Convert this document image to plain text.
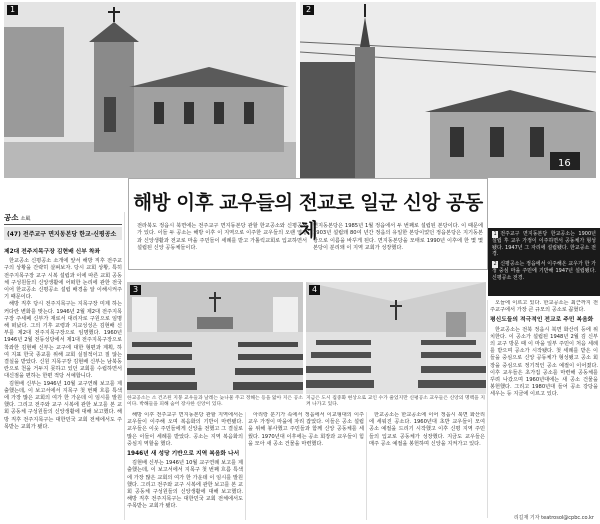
1
16
2
해방 이후 교우들의 전교로 일군 신앙 공동체
전라북도 정읍시 북면에는 전주교구 면지동본당 관할 한교공소와 신평공소가 있다. 이들 두 공소는 해방 이후 이 지역으로 이주한 교우들의 오랜 열정과 신앙생활과 전교로 마을 주민들이 세례를 받고 가톨릭교회로 입교하면서 설립된 신앙 공동체들이다.
면지동본당은 1985년 1월 정읍에서 두 번째로 설립된 본당이다. 이 때문에 1903년 설립돼 80여 년간 정읍의 유일한 본당이었던 정읍본당은 지기동본당으로 이름을 바꾸게 된다. 면지동본당을 모태로 1990년 이후에 한 몇 몇 본당이 분리돼 이 지역 교회가 성장했다.
공소 소風
(47) 전주교구 면지동본당 한교·신평공소

제2대 전주지목구장 김현배 신부 착좌

한교공소 신평공소 소개에 앞서 해방 직후 전주교구의 상황을 간략히 살펴보자. 당시 교회 상황, 특히 전주지목구장 교구 시복 설립과 이에 따른 교회 공동체 구성원들의 신앙생활에 어떠한 논리에 관한 전국이어 한교공소 신평공소 설립 배경을 알 이해시켜주기 때문이다.

해방 직후 당시 전주지목구는 지목구장 미제 하는 커다란 변화를 맞는다. 1946년 2월 제2대 전주지목구장 주세페 신부가 재로서 대리자로 구원으로 임명해 떠났다. 그의 기후 교령과 지교성성은 김현배 신부를 제2대 전주지목구장으로 임명했다. 1960년 1946년 2월 전동성당에서 제1대 전주지목구장으로 착좌한 김현배 신부는 교구에 대한 형편과 계획, 하여 지표 한국 종교를 위해 교회 실질적이고 질 않는 결실을 받았다. 신원 지목구장 김현배 신부는 남북동란으로 천을 거두지 못하고 있던 교회를 수립하면서 대신점을 편하는 한편 적당 서예합니다.

김현배 신부는 1946년 10월 교구연례 보고를 제출했는데, 이 보고서에서 지목구 첫 번째 흐름 특색에 가장 많은 교회의 여가 한 가운데 이 임시를 발원했다. 그리고 전주와 교구 시복에 관한 보고를 본 교회 공동체 구성원들의 신앙생활에 대해 보고했다. 해방 직후 전주지목구는 대한민국 교회 전체에서도 주목받는 교회가 됐다.

3	4
한교공소는 소 건조된 지붕 교우들과 날레는 늦나물 주고 정해는 등을 앓아 지은 공소 이다. 박해들을 피해 숨어 장사한 신앙이 있다.
지금은 도시 집중화 현상으로 교인 수가 줄었지만 신평공소 교우들은 신앙의 명맥을 지켜 나가고 있다.
1 전주교구 면지동본당 한교공소는 1900년 설립 후 교우 가정이 이주하면서 공동체가 형성됐다. 1947년 그 자리에 설립됐다. 한교공소 전경.
2 신평공소는 정읍에서 이주해온 교우가 한 가정 중심 마을 주민에 기반해 1947년 설립됐다. 신평공소 전경.

오늘에 이르고 있다. 한교공소는 최근까지 전주교구에서 가장 큰 규모의 공소로 꼽혔다.

평신도들의 적극적인 전교로 주민 복음화

한교공소는 전북 정읍시 북면 화산리 등에 위치한다. 이 공소가 설립된 1948년 2월 김 신부의 교구 방문 때 이 마을 일부 주민이 처음 세례를 받으며 공소가 시작됐다. 첫 세례를 받은 이들을 중심으로 신앙 공동체가 형성됐고 공소 회장을 중심으로 정기적인 공소 예절이 이어졌다. 이후 교우들은 초가집 공소를 마련해 공동체를 꾸려 나갔으며 1960년대에는 새 공소 건물을 봉헌했다. 그리고 1980년대 들어 공소 강당을 세우는 등 지금에 이르고 있다.

해방 이후 전주교구 면지동본당 관할 지역에서는 교우들이 이주해 오며 복음화의 기반이 마련됐다. 교우들은 이웃 주민들에게 신앙을 전했고 그 결실로 많은 이들이 세례를 받았다. 공소는 지역 복음화의 중심지 역할을 했다.

1946년 새 성당 기반으로 지역 복음화 나서

김현배 신부는 1946년 10월 교구연례 보고를 제출했는데, 이 보고서에서 지목구 첫 번째 흐름 특색에 가장 많은 교회의 여가 한 가운데 이 임시를 발원했다. 그리고 전주와 교구 시복에 관한 보고를 본 교회 공동체 구성원들의 신앙생활에 대해 보고했다. 해방 직후 전주지목구는 대한민국 교회 전체에서도 주목받는 교회가 됐다.

아리랑 분기가 속에서 정읍에서 이교형대의 이주 교우 가정이 마을에 자리 잡았다. 이들은 공소 설립을 위해 봉사했고 주민들과 함께 신앙 공동체를 세웠다. 1970년대 이후에는 공소 회장과 교우들이 힘을 모아 새 공소 건물을 마련했다.

한교공소는 한교공소에 이어 정읍시 북면 화산리에 세워진 공소다. 1960년대 초반 교우들이 모여 공소 예절을 드리기 시작했고 이후 신평 지역 주민들의 입교로 공동체가 성장했다. 지금도 교우들은 매주 공소 예절을 봉헌하며 신앙을 지켜가고 있다.

리길재 기자 teatrosol@cpbc.co.kr
